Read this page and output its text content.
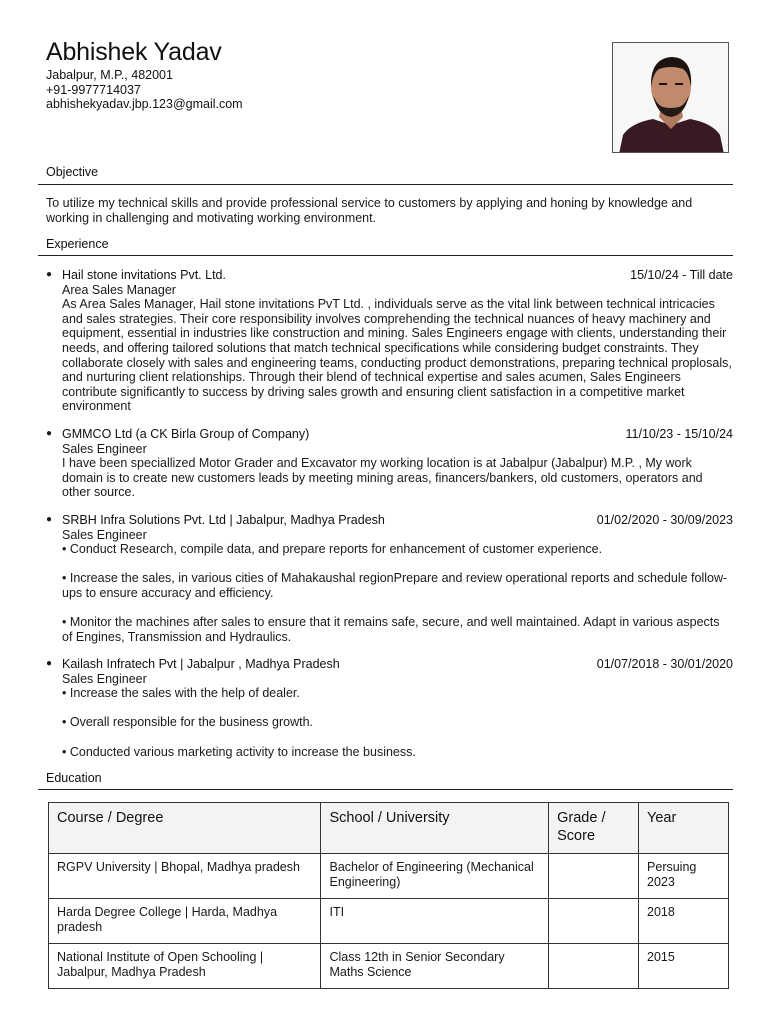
Abhishek Yadav
Jabalpur, M.P., 482001
+91-9977714037
abhishekyadav.jbp.123@gmail.com
Objective
To utilize my technical skills and provide professional service to customers by applying and honing by knowledge and working in challenging and motivating working environment.
Experience
● Hail stone invitations Pvt. Ltd.	15/10/24 - Till date
Area Sales Manager
As Area Sales Manager, Hail stone invitations PvT Ltd. , individuals serve as the vital link between technical intricacies and sales strategies. Their core responsibility involves comprehending the technical nuances of heavy machinery and equipment, essential in industries like construction and mining. Sales Engineers engage with clients, understanding their needs, and offering tailored solutions that match technical specifications while considering budget constraints. They collaborate closely with sales and engineering teams, conducting product demonstrations, preparing technical proplosals, and nurturing client relationships. Through their blend of technical expertise and sales acumen, Sales Engineers contribute significantly to success by driving sales growth and ensuring client satisfaction in a competitive market environment
● GMMCO Ltd (a CK Birla Group of Company)	11/10/23 - 15/10/24
Sales Engineer
I have been speciallized Motor Grader and Excavator my working location is at Jabalpur (Jabalpur) M.P. , My work domain is to create new customers leads by meeting mining areas, financers/bankers, old customers, operators and other source.
● SRBH Infra Solutions Pvt. Ltd | Jabalpur, Madhya Pradesh	01/02/2020 - 30/09/2023
Sales Engineer
• Conduct Research, compile data, and prepare reports for enhancement of customer experience.
• Increase the sales, in various cities of Mahakaushal regionPrepare and review operational reports and schedule follow-ups to ensure accuracy and efficiency.
• Monitor the machines after sales to ensure that it remains safe, secure, and well maintained. Adapt in various aspects of Engines, Transmission and Hydraulics.
● Kailash Infratech Pvt | Jabalpur , Madhya Pradesh	01/07/2018 - 30/01/2020
Sales Engineer
• Increase the sales with the help of dealer.
• Overall responsible for the business growth.
• Conducted various marketing activity to increase the business.
Education
Course / Degree	School / University	Grade / Score	Year
RGPV University | Bhopal, Madhya pradesh	Bachelor of Engineering (Mechanical Engineering)		Persuing 2023
Harda Degree College | Harda, Madhya pradesh	ITI		2018
National Institute of Open Schooling | Jabalpur, Madhya Pradesh	Class 12th in Senior Secondary Maths Science		2015
